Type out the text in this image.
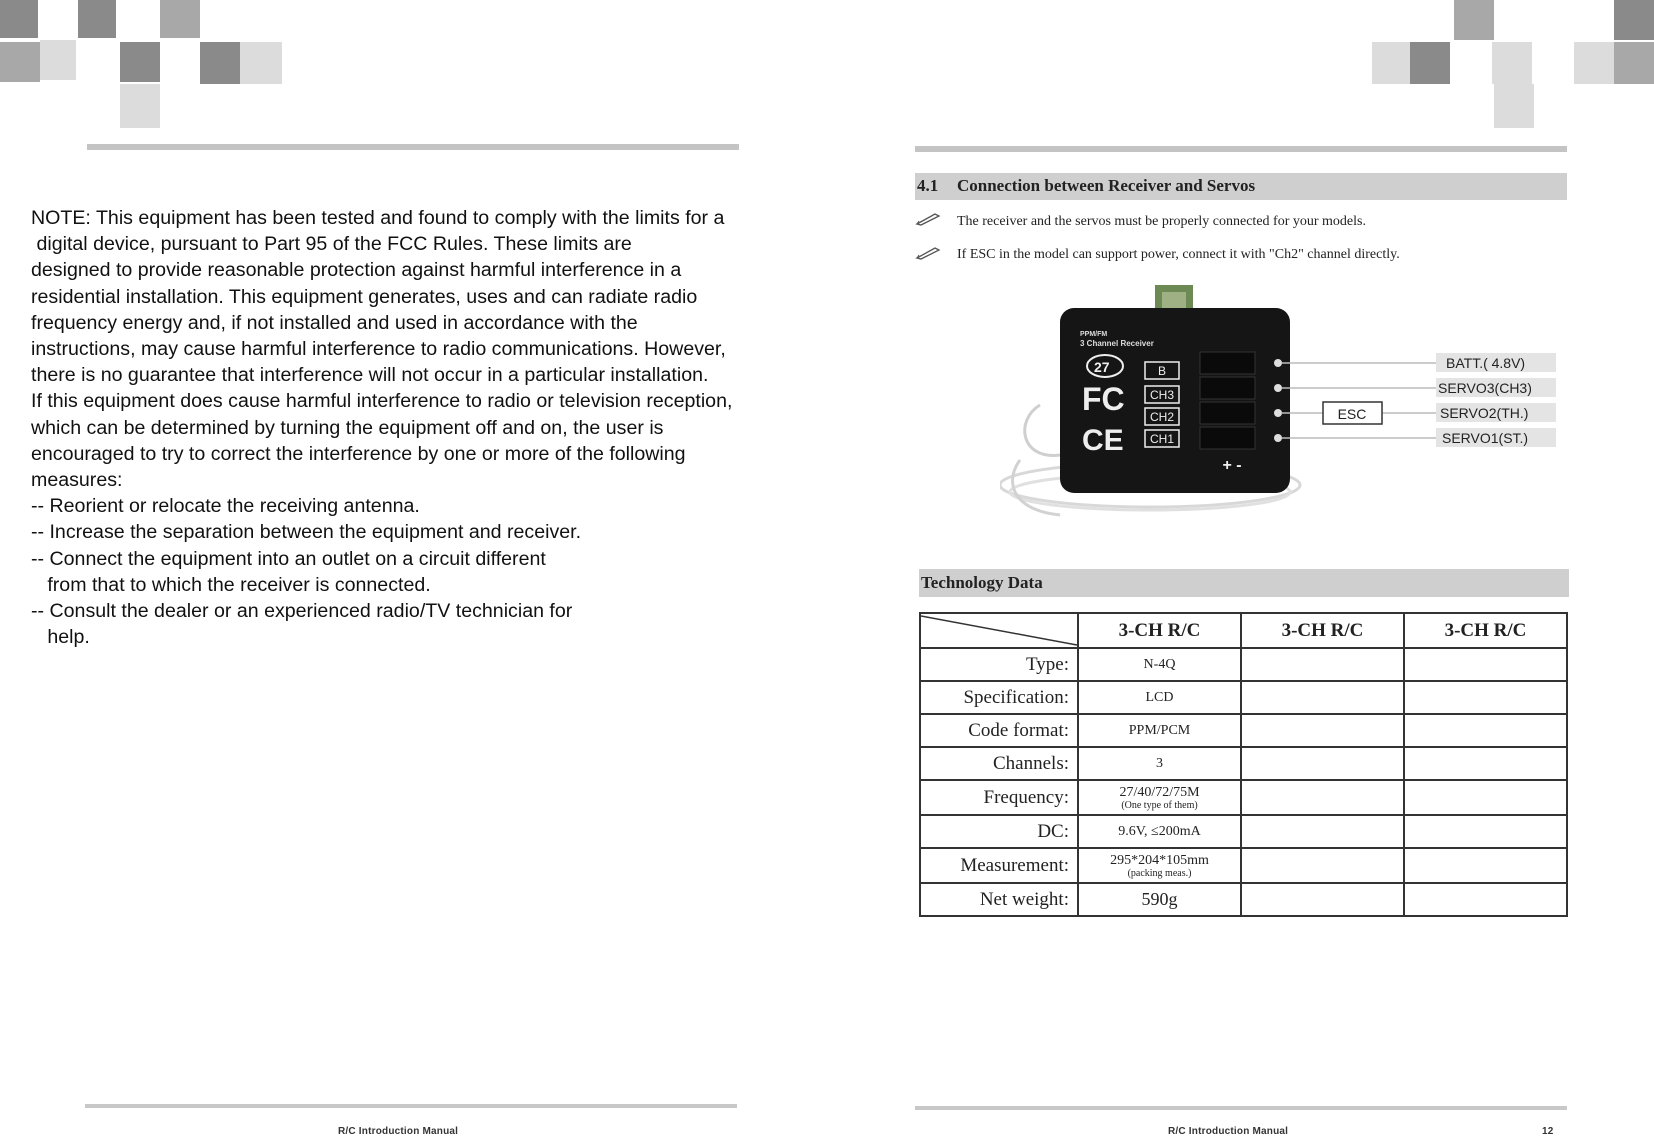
NOTE: This equipment has been tested and found to comply with the limits for a
digital device, pursuant to Part 95 of the FCC Rules. These limits are
designed to provide reasonable protection against harmful interference in a
residential installation. This equipment generates, uses and can radiate radio
frequency energy and, if not installed and used in accordance with the
instructions, may cause harmful interference to radio communications. However,
there is no guarantee that interference will not occur in a particular installation.
If this equipment does cause harmful interference to radio or television reception,
which can be determined by turning the equipment off and on, the user is
encouraged to try to correct the interference by one or more of the following
measures:
-- Reorient or relocate the receiving antenna.
-- Increase the separation between the equipment and receiver.
-- Connect the equipment into an outlet on a circuit different
from that to which the receiver is connected.
-- Consult the dealer or an experienced radio/TV technician for
help.
4.1 Connection between Receiver and Servos
The receiver and the servos must be properly connected for your models.
If ESC in the model can support power, connect it with "Ch2" channel directly.
PPM/FM
3 Channel Receiver
27
FC
CE
B
CH3
CH2
CH1
+ -
ESC
BATT.( 4.8V)
SERVO3(CH3)
SERVO2(TH.)
SERVO1(ST.)
Technology Data
	3-CH R/C	3-CH R/C	3-CH R/C
Type:	N-4Q		
Specification:	LCD		
Code format:	PPM/PCM		
Channels:	3		
Frequency:	27/40/72/75M
(One type of them)		

DC:	9.6V, ≤200mA		
Measurement:	295*204*105mm
(packing meas.)		

Net weight:	590g		
R/C Introduction Manual	R/C Introduction Manual	12
